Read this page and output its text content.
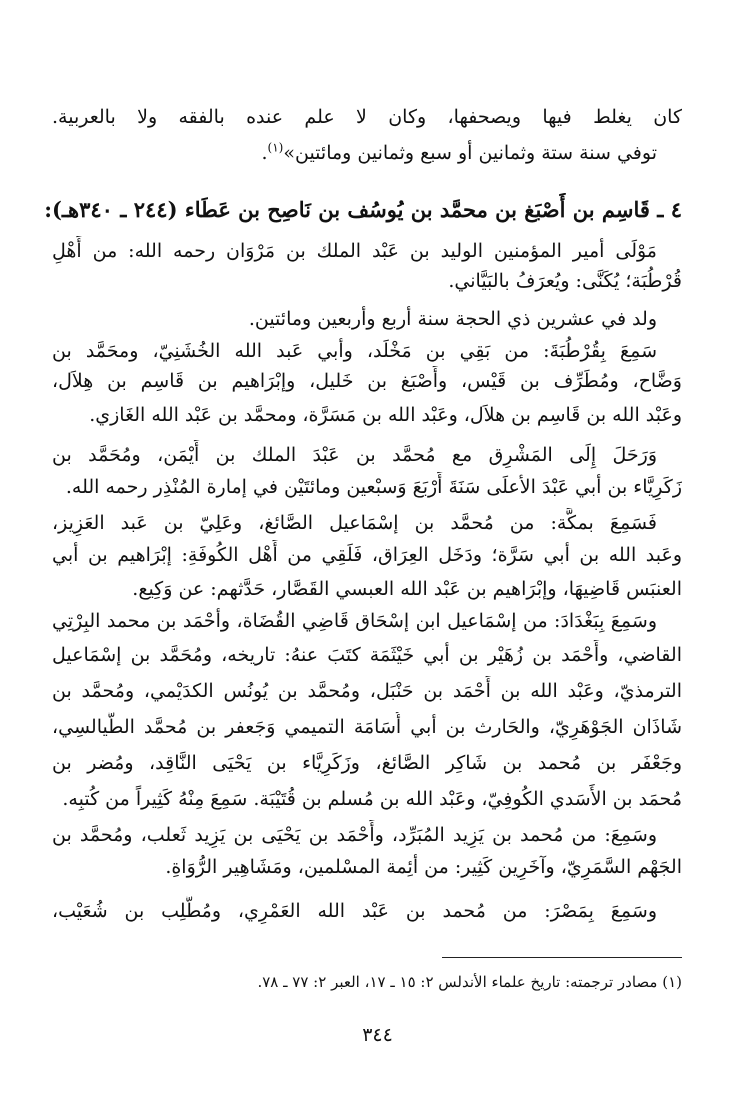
كان يغلط فيها ويصحفها، وكان لا علم عنده بالفقه ولا بالعربية.
توفي سنة ستة وثمانين أو سبع وثمانين ومائتين»$^{(١)}$.
٤ ـ قَاسِم بن أَصْبَغ بن محمَّد بن يُوسُف بن نَاصِح بن عَطَاء (٢٤٤ ـ ٣٤٠هـ):
مَوْلَى أمير المؤمنين الوليد بن عَبْد الملك بن مَرْوَان رحمه الله: من أَهْلِ
قُرْطُبَة؛ يُكَنَّى: ويُعرَفُ بالبَيَّاني.
ولد في عشرين ذي الحجة سنة أربع وأربعين ومائتين.
سَمِعَ بِقُرْطُبَةَ: من بَقِي بن مَخْلَد، وأبي عَبد الله الخُشَنِيّ، ومحَمَّد بن
وَضَّاح، ومُطَرِّف بن قَيْس، وأَصْبَغ بن خَليل، وإبْرَاهيم بن قَاسِم بن هِلاَل،
وعَبْد الله بن قَاسِم بن هلاَل، وعَبْد الله بن مَسَرَّة، ومحمَّد بن عَبْد الله الغَازي.
وَرَحَلَ إِلَى المَشْرِق مع مُحمَّد بن عَبْدَ الملك بن أَيْمَن، ومُحَمَّد بن
زَكَرِيَّاء بن أبي عَبْدَ الأعلَى سَنَةَ أَرْبَعَ وَسبْعين ومائتَيْن في إمارة المُنْذِر رحمه الله.
فَسَمِعَ بمكَّة: من مُحمَّد بن إسْمَاعيل الصَّائغ، وعَلِيّ بن عَبد العَزِيز،
وعَبد الله بن أبي سَرَّة؛ ودَخَل العِرَاق، فَلَقِي من أَهْل الكُوفَةِ: إبْرَاهيم بن أبي
العنبَس قَاضِيهَا، وإبْرَاهيم بن عَبْد الله العبسي القَصَّار، حَدَّثهم: عن وَكِيع.
وسَمِعَ بِبَغْدَادَ: من إسْمَاعيل ابن إسْحَاق قَاضِي القُضَاة، وأحْمَد بن محمد البِرْتِي
القاضي، وأَحْمَد بن زُهَيْر بن أبي خَيْثَمَة كتَبَ عنهُ: تاريخه، ومُحَمَّد بن إسْمَاعيل
الترمذيّ، وعَبْد الله بن أَحْمَد بن حَنْبَل، ومُحمَّد بن يُونُس الكدَيْمي، ومُحمَّد بن
شَاذَان الجَوْهَرِيّ، والحَارث بن أبي أُسَامَة التميمي وَجَعفر بن مُحمَّد الطَّيالسِي،
وجَعْفَر بن مُحمد بن شَاكِر الصَّائغ، وزَكَرِيَّاء بن يَحْيَى النَّاقِد، ومُضر بن
مُحمَد بن الأَسَدي الكُوفِيّ، وعَبْد الله بن مُسلم بن قُتَيْبَة. سَمِعَ مِنْهُ كَثِيراً من كُتبِه.
وسَمِعَ: من مُحمد بن يَزِيد المُبَرِّد، وأَحْمَد بن يَحْيَى بن يَزِيد ثَعلب، ومُحمَّد بن
الجَهْم السَّمَرِيّ، وآخَرِين كَثِير: من أئِمة المسْلمين، ومَشَاهِير الرُّوَاةِ.
وسَمِعَ بِمَصْرَ: من مُحمد بن عَبْد الله العَمْرِي، ومُطَّلِب بن شُعَيْب،
(١) مصادر ترجمته: تاريخ علماء الأندلس ٢: ١٥ ـ ١٧، العبر ٢: ٧٧ ـ ٧٨.
٣٤٤
